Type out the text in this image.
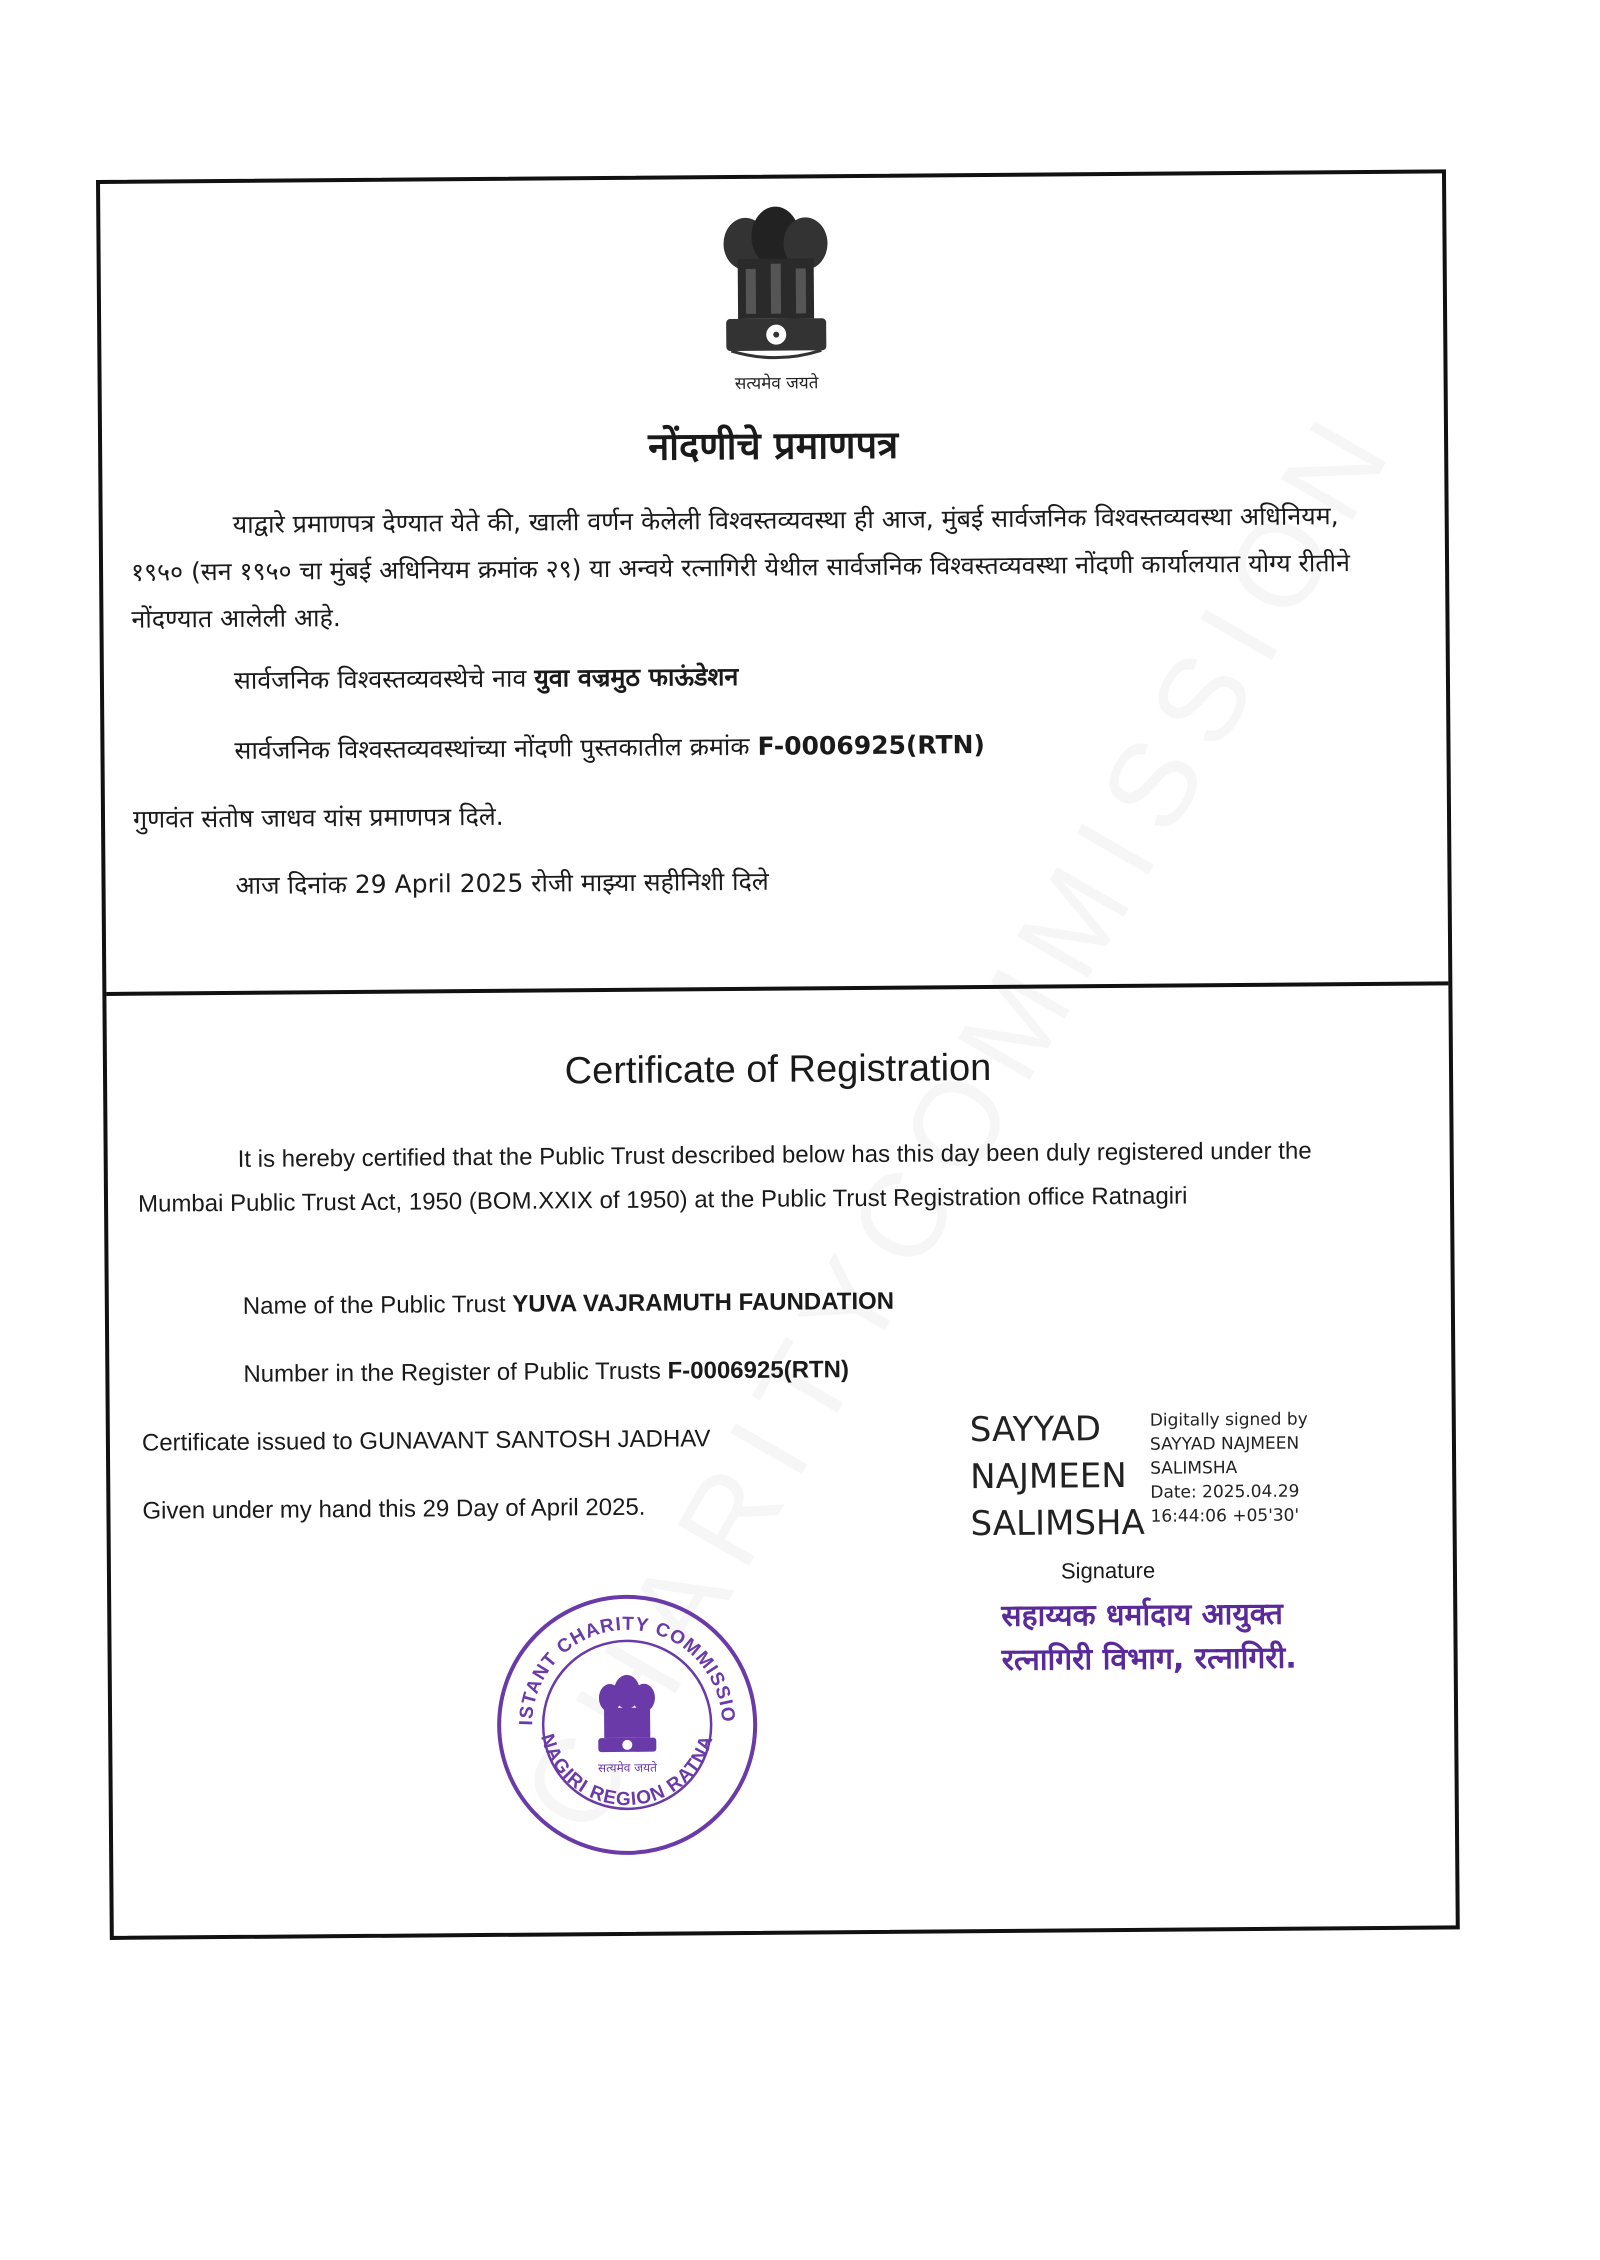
सत्यमेव जयते
नोंदणीचे प्रमाणपत्र
याद्वारे प्रमाणपत्र देण्यात येते की, खाली वर्णन केलेली विश्वस्तव्यवस्था ही आज, मुंबई सार्वजनिक विश्वस्तव्यवस्था अधिनियम, १९५० (सन १९५० चा मुंबई अधिनियम क्रमांक २९) या अन्वये रत्नागिरी येथील सार्वजनिक विश्वस्तव्यवस्था नोंदणी कार्यालयात योग्य रीतीने नोंदण्यात आलेली आहे.
सार्वजनिक विश्वस्तव्यवस्थेचे नाव युवा वज्रमुठ फाऊंडेशन
सार्वजनिक विश्वस्तव्यवस्थांच्या नोंदणी पुस्तकातील क्रमांक F-0006925(RTN)
गुणवंत संतोष जाधव यांस प्रमाणपत्र दिले.
आज दिनांक 29 April 2025 रोजी माझ्या सहीनिशी दिले
Certificate of Registration
It is hereby certified that the Public Trust described below has this day been duly registered under the Mumbai Public Trust Act, 1950 (BOM.XXIX of 1950) at the Public Trust Registration office Ratnagiri
Name of the Public Trust YUVA VAJRAMUTH FAUNDATION
Number in the Register of Public Trusts F-0006925(RTN)
Certificate issued to GUNAVANT SANTOSH JADHAV
Given under my hand this 29 Day of April 2025.
SAYYAD
NAJMEEN
SALIMSHA
Digitally signed by
SAYYAD NAJMEEN
SALIMSHA
Date: 2025.04.29
16:44:06 +05'30'
Signature
सहाय्यक धर्मादाय आयुक्त
रत्नागिरी विभाग, रत्नागिरी.
ASSISTANT CHARITY COMMISSIONER
RATNAGIRI REGION RATNAGIRI
सत्यमेव जयते
